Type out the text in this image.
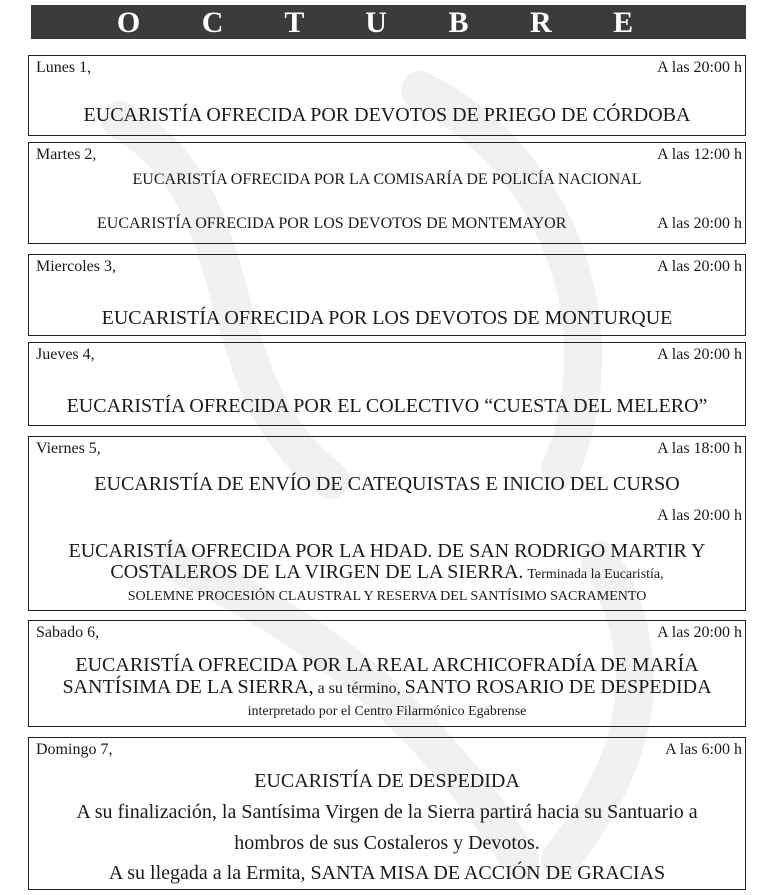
O C T U B R E
Lunes 1,	A las 20:00 h
EUCARISTÍA OFRECIDA POR DEVOTOS DE PRIEGO DE CÓRDOBA
Martes 2,	A las 12:00 h
EUCARISTÍA OFRECIDA POR LA COMISARÍA DE POLICÍA NACIONAL
EUCARISTÍA OFRECIDA POR LOS DEVOTOS DE MONTEMAYOR	A las 20:00 h
Miercoles 3,	A las 20:00 h
EUCARISTÍA OFRECIDA POR LOS DEVOTOS DE MONTURQUE
Jueves 4,	A las 20:00 h
EUCARISTÍA OFRECIDA POR EL COLECTIVO “CUESTA DEL MELERO”
Viernes 5,	A las 18:00 h
EUCARISTÍA DE ENVÍO DE CATEQUISTAS E INICIO DEL CURSO
A las 20:00 h
EUCARISTÍA OFRECIDA POR LA HDAD. DE SAN RODRIGO MARTIR Y
COSTALEROS DE LA VIRGEN DE LA SIERRA. Terminada la Eucaristía,
SOLEMNE PROCESIÓN CLAUSTRAL Y RESERVA DEL SANTÍSIMO SACRAMENTO
Sabado 6,	A las 20:00 h
EUCARISTÍA OFRECIDA POR LA REAL ARCHICOFRADÍA DE MARÍA
SANTÍSIMA DE LA SIERRA, a su término, SANTO ROSARIO DE DESPEDIDA
interpretado por el Centro Filarmónico Egabrense
Domingo 7,	A las 6:00 h
EUCARISTÍA DE DESPEDIDA
A su finalización, la Santísima Virgen de la Sierra partirá hacia su Santuario a
hombros de sus Costaleros y Devotos.
A su llegada a la Ermita, SANTA MISA DE ACCIÓN DE GRACIAS
